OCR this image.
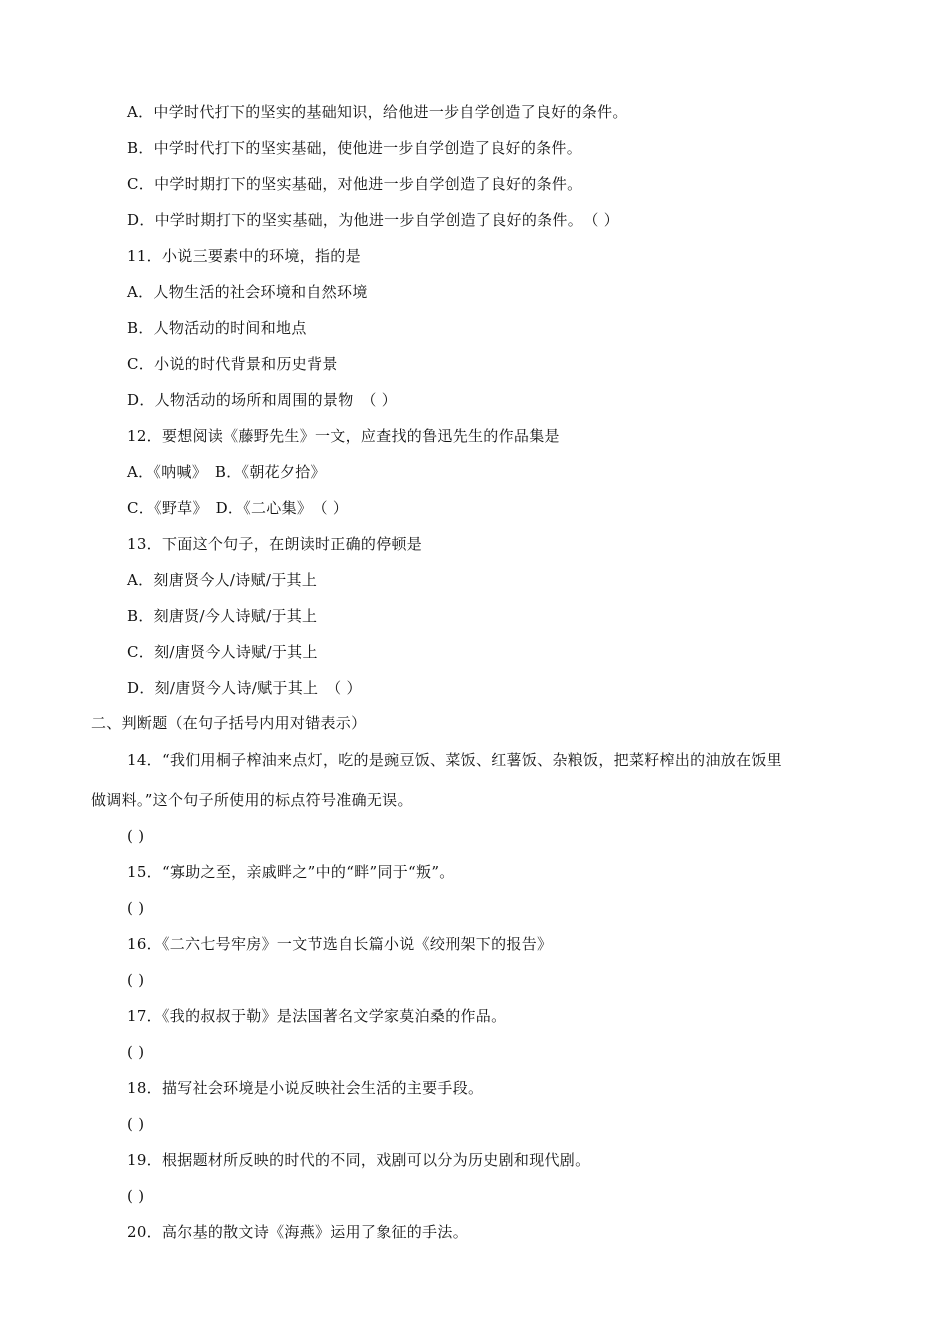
A．中学时代打下的坚实的基础知识，给他进一步自学创造了良好的条件。
B．中学时代打下的坚实基础，使他进一步自学创造了良好的条件。
C．中学时期打下的坚实基础，对他进一步自学创造了良好的条件。
D．中学时期打下的坚实基础，为他进一步自学创造了良好的条件。　（ ）
11．小说三要素中的环境，指的是
A．人物生活的社会环境和自然环境
B．人物活动的时间和地点
C．小说的时代背景和历史背景
D．人物活动的场所和周围的景物　（ ）
12．要想阅读《藤野先生》一文，应查找的鲁迅先生的作品集是
A．《呐喊》　B．《朝花夕拾》
C．《野草》　D．《二心集》　（ ）
13．下面这个句子，在朗读时正确的停顿是
A．刻唐贤今人/诗赋/于其上
B．刻唐贤/今人诗赋/于其上
C．刻/唐贤今人诗赋/于其上
D．刻/唐贤今人诗/赋于其上　（ ）
二、判断题（在句子括号内用对错表示）
14．“我们用桐子榨油来点灯，吃的是豌豆饭、菜饭、红薯饭、杂粮饭，把菜籽榨出的油放在饭里
做调料。”这个句子所使用的标点符号准确无误。
( )
15．“寡助之至，亲戚畔之”中的“畔”同于“叛”。
( )
16．《二六七号牢房》一文节选自长篇小说《绞刑架下的报告》
( )
17．《我的叔叔于勒》是法国著名文学家莫泊桑的作品。
( )
18．描写社会环境是小说反映社会生活的主要手段。
( )
19．根据题材所反映的时代的不同，戏剧可以分为历史剧和现代剧。
( )
20．高尔基的散文诗《海燕》运用了象征的手法。
